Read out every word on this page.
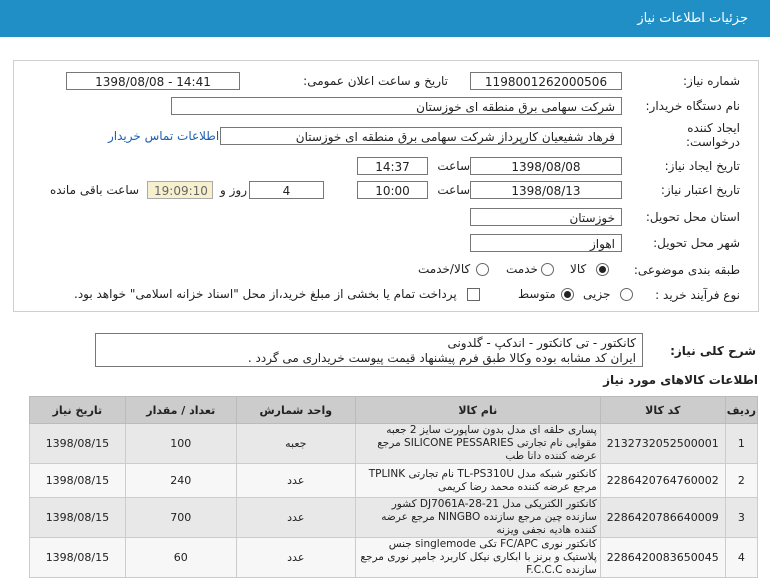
جزئیات اطلاعات نیاز
شماره نیاز:
1198001262000506
تاریخ و ساعت اعلان عمومی:
1398/08/08 - 14:41
نام دستگاه خریدار:
شرکت سهامی برق منطقه ای خوزستان
ایجاد کننده درخواست:
فرهاد شفیعیان کارپرداز شرکت سهامی برق منطقه ای خوزستان
اطلاعات تماس خریدار
تاریخ ایجاد نیاز:
1398/08/08
ساعت
14:37
تاریخ اعتبار نیاز:
1398/08/13
ساعت
10:00
4
روز و
19:09:10
ساعت باقی مانده
استان محل تحویل:
خوزستان
شهر محل تحویل:
اهواز
طبقه بندی موضوعی:
کالا
خدمت
کالا/خدمت
نوع فرآیند خرید :
جزیی
متوسط
پرداخت تمام یا بخشی از مبلغ خرید،از محل "اسناد خزانه اسلامی" خواهد بود.
شرح کلی نیاز:
کانکتور - تی کانکتور - اندکپ - گلدونی
ایران کد مشابه بوده وکالا طبق فرم پیشنهاد قیمت پیوست خریداری می گردد .
اطلاعات کالاهای مورد نیاز
ردیف	کد کالا	نام کالا	واحد شمارش	تعداد / مقدار	تاریخ نیاز
1	2132732052500001	پساری حلقه ای مدل بدون ساپورت سایز 2 جعبه مقوایی نام تجارتی SILICONE PESSARIES مرجع عرضه کننده دانا طب	جعبه	100	1398/08/15
2	2286420764760002	کانکتور شبکه مدل TL-PS310U نام تجارتی TPLINK مرجع عرضه کننده محمد رضا کریمی	عدد	240	1398/08/15
3	2286420786640009	کانکتور الکتریکی مدل DJ7061A-28-21 کشور سازنده چین مرجع سازنده NINGBO مرجع عرضه کننده هادیه نجفی ویزنه	عدد	700	1398/08/15
4	2286420083650045	کانکتور نوری FC/APC تکی singlemode جنس پلاستیک و برنز با ابکاری نیکل کاربرد جامپر نوری مرجع سازنده F.C.C.C	عدد	60	1398/08/15
